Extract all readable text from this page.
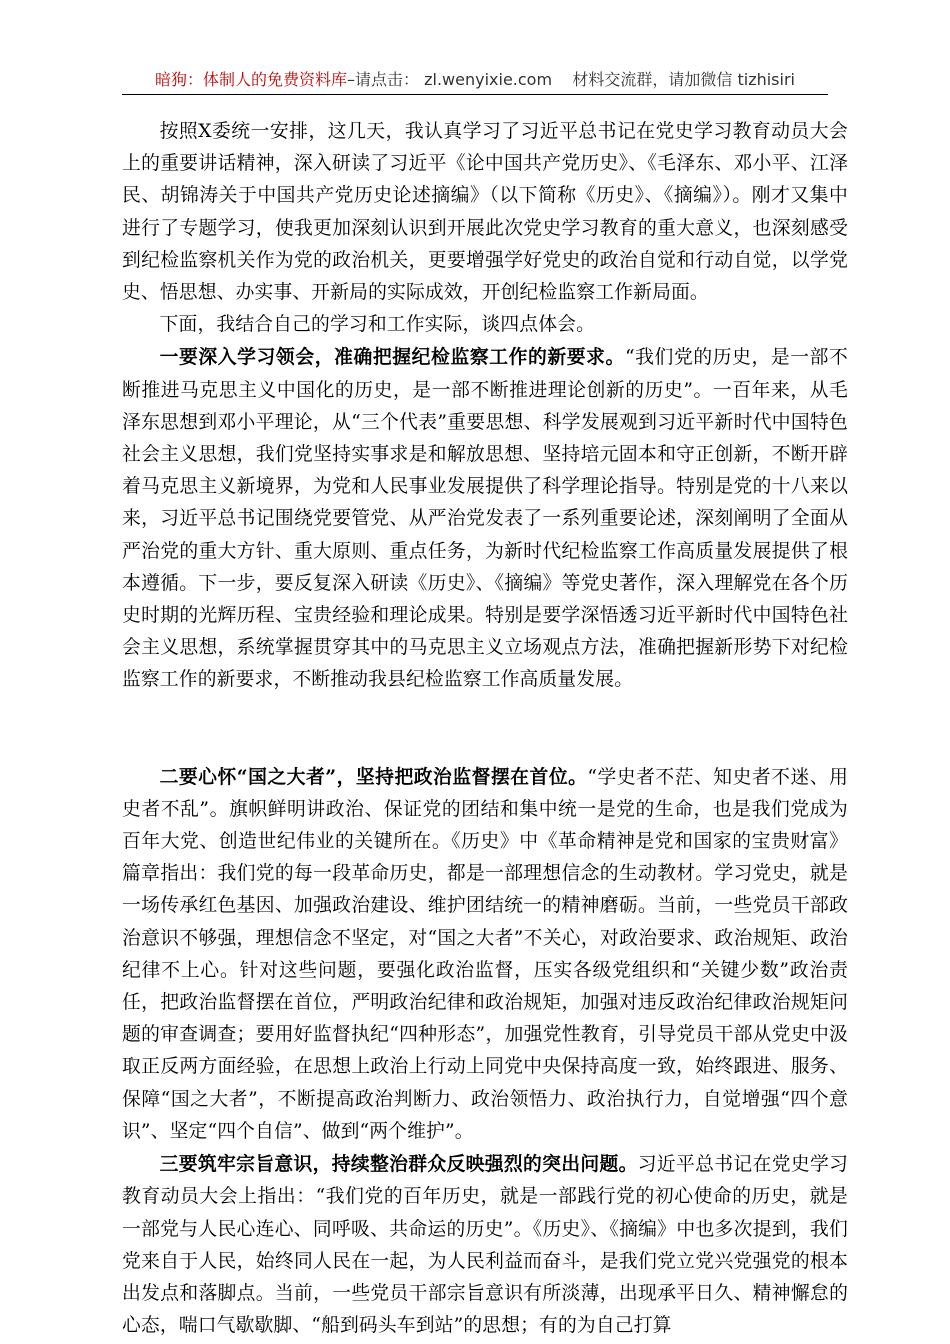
暗狗：体制人的免费资料库–请点击： zl.wenyixie.com 材料交流群，请加微信 tizhisiri

按照X委统一安排，这几天，我认真学习了习近平总书记在党史学习教育动员大会上的重要讲话精神，深入研读了习近平《论中国共产党历史》、《毛泽东、邓小平、江泽民、胡锦涛关于中国共产党历史论述摘编》（以下简称《历史》、《摘编》）。刚才又集中进行了专题学习，使我更加深刻认识到开展此次党史学习教育的重大意义，也深刻感受到纪检监察机关作为党的政治机关，更要增强学好党史的政治自觉和行动自觉，以学党史、悟思想、办实事、开新局的实际成效，开创纪检监察工作新局面。

下面，我结合自己的学习和工作实际，谈四点体会。

一要深入学习领会，准确把握纪检监察工作的新要求。“我们党的历史，是一部不断推进马克思主义中国化的历史，是一部不断推进理论创新的历史”。一百年来，从毛泽东思想到邓小平理论，从“三个代表”重要思想、科学发展观到习近平新时代中国特色社会主义思想，我们党坚持实事求是和解放思想、坚持培元固本和守正创新，不断开辟着马克思主义新境界，为党和人民事业发展提供了科学理论指导。特别是党的十八来以来，习近平总书记围绕党要管党、从严治党发表了一系列重要论述，深刻阐明了全面从严治党的重大方针、重大原则、重点任务，为新时代纪检监察工作高质量发展提供了根本遵循。下一步，要反复深入研读《历史》、《摘编》等党史著作，深入理解党在各个历史时期的光辉历程、宝贵经验和理论成果。特别是要学深悟透习近平新时代中国特色社会主义思想，系统掌握贯穿其中的马克思主义立场观点方法，准确把握新形势下对纪检监察工作的新要求，不断推动我县纪检监察工作高质量发展。

二要心怀“国之大者”，坚持把政治监督摆在首位。“学史者不茫、知史者不迷、用史者不乱”。旗帜鲜明讲政治、保证党的团结和集中统一是党的生命，也是我们党成为百年大党、创造世纪伟业的关键所在。《历史》中《革命精神是党和国家的宝贵财富》篇章指出：我们党的每一段革命历史，都是一部理想信念的生动教材。学习党史，就是一场传承红色基因、加强政治建设、维护团结统一的精神磨砺。当前，一些党员干部政治意识不够强，理想信念不坚定，对“国之大者”不关心，对政治要求、政治规矩、政治纪律不上心。针对这些问题，要强化政治监督，压实各级党组织和“关键少数”政治责任，把政治监督摆在首位，严明政治纪律和政治规矩，加强对违反政治纪律政治规矩问题的审查调查；要用好监督执纪“四种形态”，加强党性教育，引导党员干部从党史中汲取正反两方面经验，在思想上政治上行动上同党中央保持高度一致，始终跟进、服务、保障“国之大者”，不断提高政治判断力、政治领悟力、政治执行力，自觉增强“四个意识”、坚定“四个自信”、做到“两个维护”。

三要筑牢宗旨意识，持续整治群众反映强烈的突出问题。习近平总书记在党史学习教育动员大会上指出：“我们党的百年历史，就是一部践行党的初心使命的历史，就是一部党与人民心连心、同呼吸、共命运的历史”。《历史》、《摘编》中也多次提到，我们党来自于人民，始终同人民在一起，为人民利益而奋斗，是我们党立党兴党强党的根本出发点和落脚点。当前，一些党员干部宗旨意识有所淡薄，出现承平日久、精神懈怠的心态，喘口气歇歇脚、“船到码头车到站”的思想；有的为自己打算
